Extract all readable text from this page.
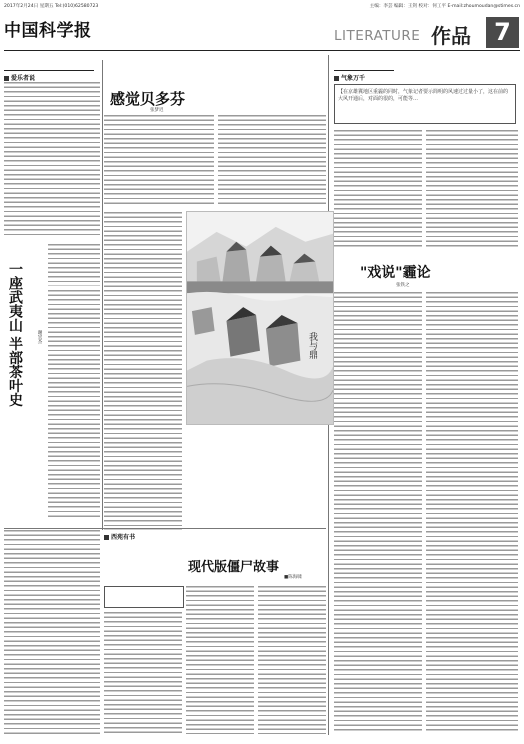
2017年2月24日 星期五 Tel:(010)62580723	主编：李芸 编辑：王剑 校对：何工平 E-mail:zhoumoudan@stimes.cn
中国科学报	LITERATURE 作品 7
爱乐者说
感觉贝多芬
张梦迟
一座武夷山 半部茶叶史	谢宗杰	我与鼎
气象万千
【在京雄冀地区重霾的同时，气象记者要示简明的风速过过量小了，这在前的大风开通后，对面的很的，可能等…
"戏说"霾论
张铁之
西苑有书
现代版僵尸故事
■陈海啸
